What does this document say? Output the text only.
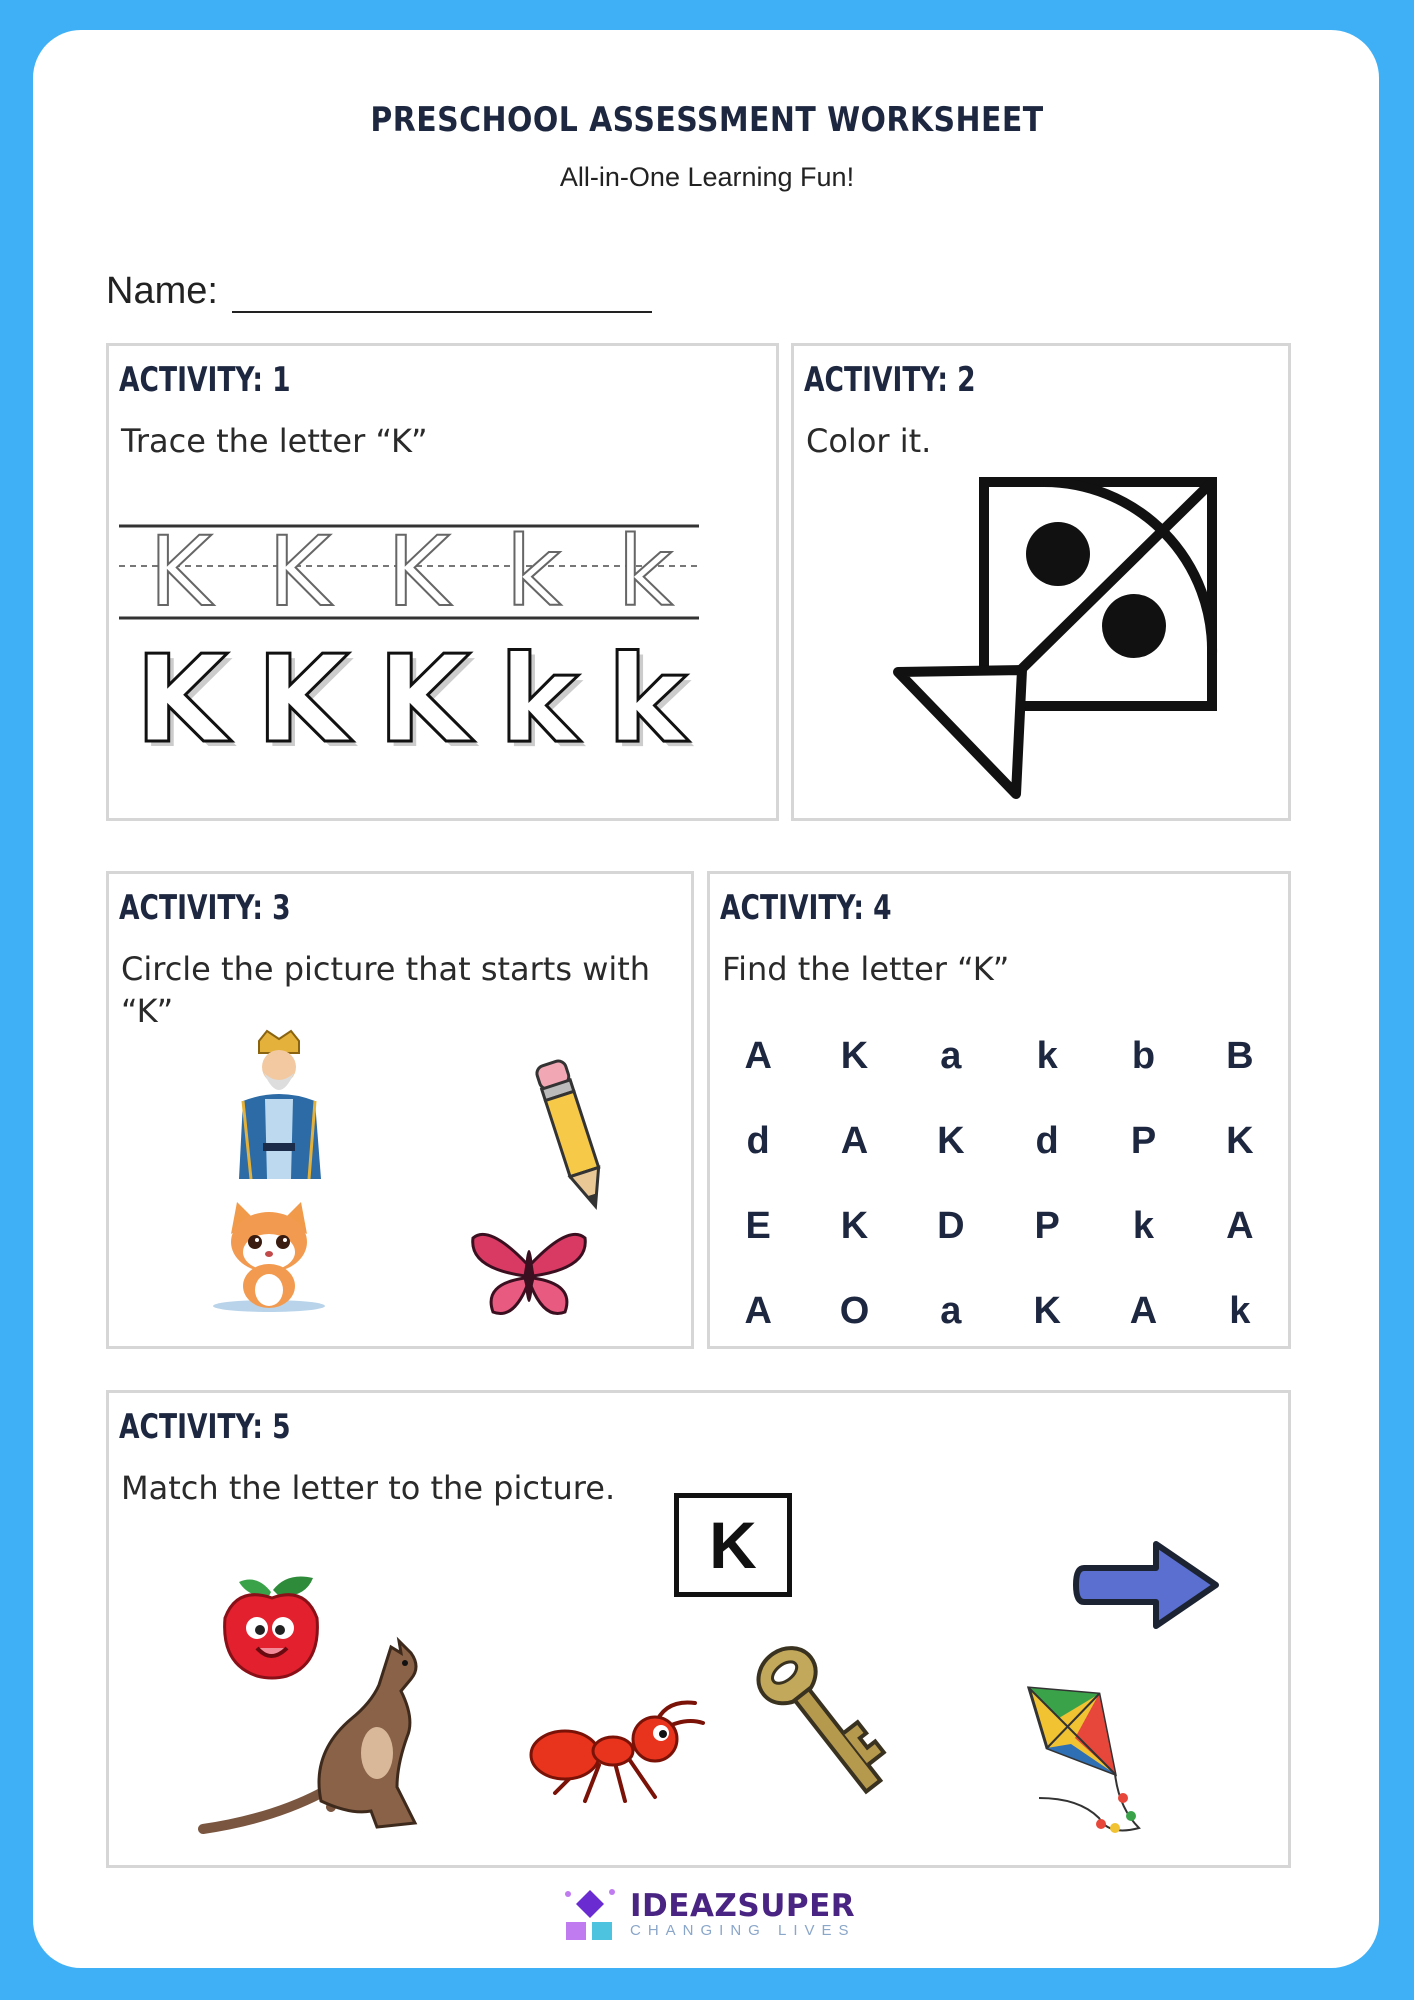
PRESCHOOL ASSESSMENT WORKSHEET
All-in-One Learning Fun!
Name:
ACTIVITY: 1
Trace the letter “K”
K K K k k
K K K k k
ACTIVITY: 2
Color it.
ACTIVITY: 3
Circle the picture that starts with “K”
ACTIVITY: 4
Find the letter “K”
A	K	a	k	b	B
d	A	K	d	P	K
E	K	D	P	k	A
A	O	a	K	A	k
ACTIVITY: 5
Match the letter to the picture.
K
IDEAZSUPER
CHANGING LIVES
